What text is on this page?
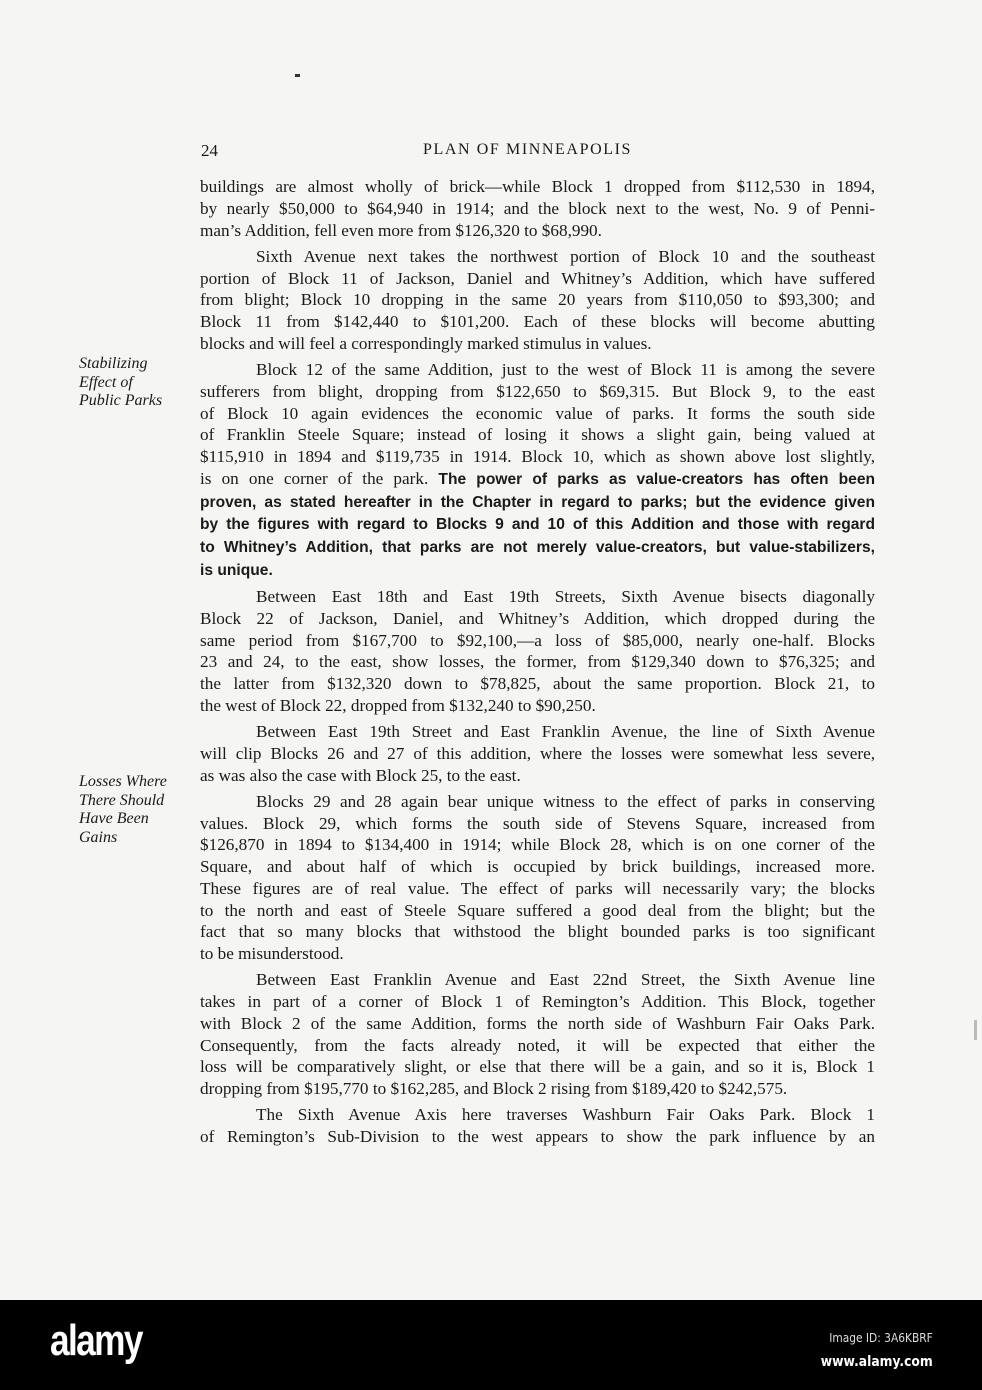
24	PLAN OF MINNEAPOLIS
Stabilizing
Effect of
Public Parks
Losses Where
There Should
Have Been
Gains
buildings are almost wholly of brick—while Block 1 dropped from $112,530 in 1894,
by nearly $50,000 to $64,940 in 1914; and the block next to the west, No. 9 of Penni-
man’s Addition, fell even more from $126,320 to $68,990.
Sixth Avenue next takes the northwest portion of Block 10 and the southeast
portion of Block 11 of Jackson, Daniel and Whitney’s Addition, which have suffered
from blight; Block 10 dropping in the same 20 years from $110,050 to $93,300; and
Block 11 from $142,440 to $101,200. Each of these blocks will become abutting
blocks and will feel a correspondingly marked stimulus in values.
Block 12 of the same Addition, just to the west of Block 11 is among the severe
sufferers from blight, dropping from $122,650 to $69,315. But Block 9, to the east
of Block 10 again evidences the economic value of parks. It forms the south side
of Franklin Steele Square; instead of losing it shows a slight gain, being valued at
$115,910 in 1894 and $119,735 in 1914. Block 10, which as shown above lost slightly,
is on one corner of the park. The power of parks as value-creators has often been
proven, as stated hereafter in the Chapter in regard to parks; but the evidence given
by the figures with regard to Blocks 9 and 10 of this Addition and those with regard
to Whitney’s Addition, that parks are not merely value-creators, but value-stabilizers,
is unique.
Between East 18th and East 19th Streets, Sixth Avenue bisects diagonally
Block 22 of Jackson, Daniel, and Whitney’s Addition, which dropped during the
same period from $167,700 to $92,100,—a loss of $85,000, nearly one-half. Blocks
23 and 24, to the east, show losses, the former, from $129,340 down to $76,325; and
the latter from $132,320 down to $78,825, about the same proportion. Block 21, to
the west of Block 22, dropped from $132,240 to $90,250.
Between East 19th Street and East Franklin Avenue, the line of Sixth Avenue
will clip Blocks 26 and 27 of this addition, where the losses were somewhat less severe,
as was also the case with Block 25, to the east.
Blocks 29 and 28 again bear unique witness to the effect of parks in conserving
values. Block 29, which forms the south side of Stevens Square, increased from
$126,870 in 1894 to $134,400 in 1914; while Block 28, which is on one corner of the
Square, and about half of which is occupied by brick buildings, increased more.
These figures are of real value. The effect of parks will necessarily vary; the blocks
to the north and east of Steele Square suffered a good deal from the blight; but the
fact that so many blocks that withstood the blight bounded parks is too significant
to be misunderstood.
Between East Franklin Avenue and East 22nd Street, the Sixth Avenue line
takes in part of a corner of Block 1 of Remington’s Addition. This Block, together
with Block 2 of the same Addition, forms the north side of Washburn Fair Oaks Park.
Consequently, from the facts already noted, it will be expected that either the
loss will be comparatively slight, or else that there will be a gain, and so it is, Block 1
dropping from $195,770 to $162,285, and Block 2 rising from $189,420 to $242,575.
The Sixth Avenue Axis here traverses Washburn Fair Oaks Park. Block 1
of Remington’s Sub-Division to the west appears to show the park influence by an
alamy	Image ID: 3A6KBRF
www.alamy.com
